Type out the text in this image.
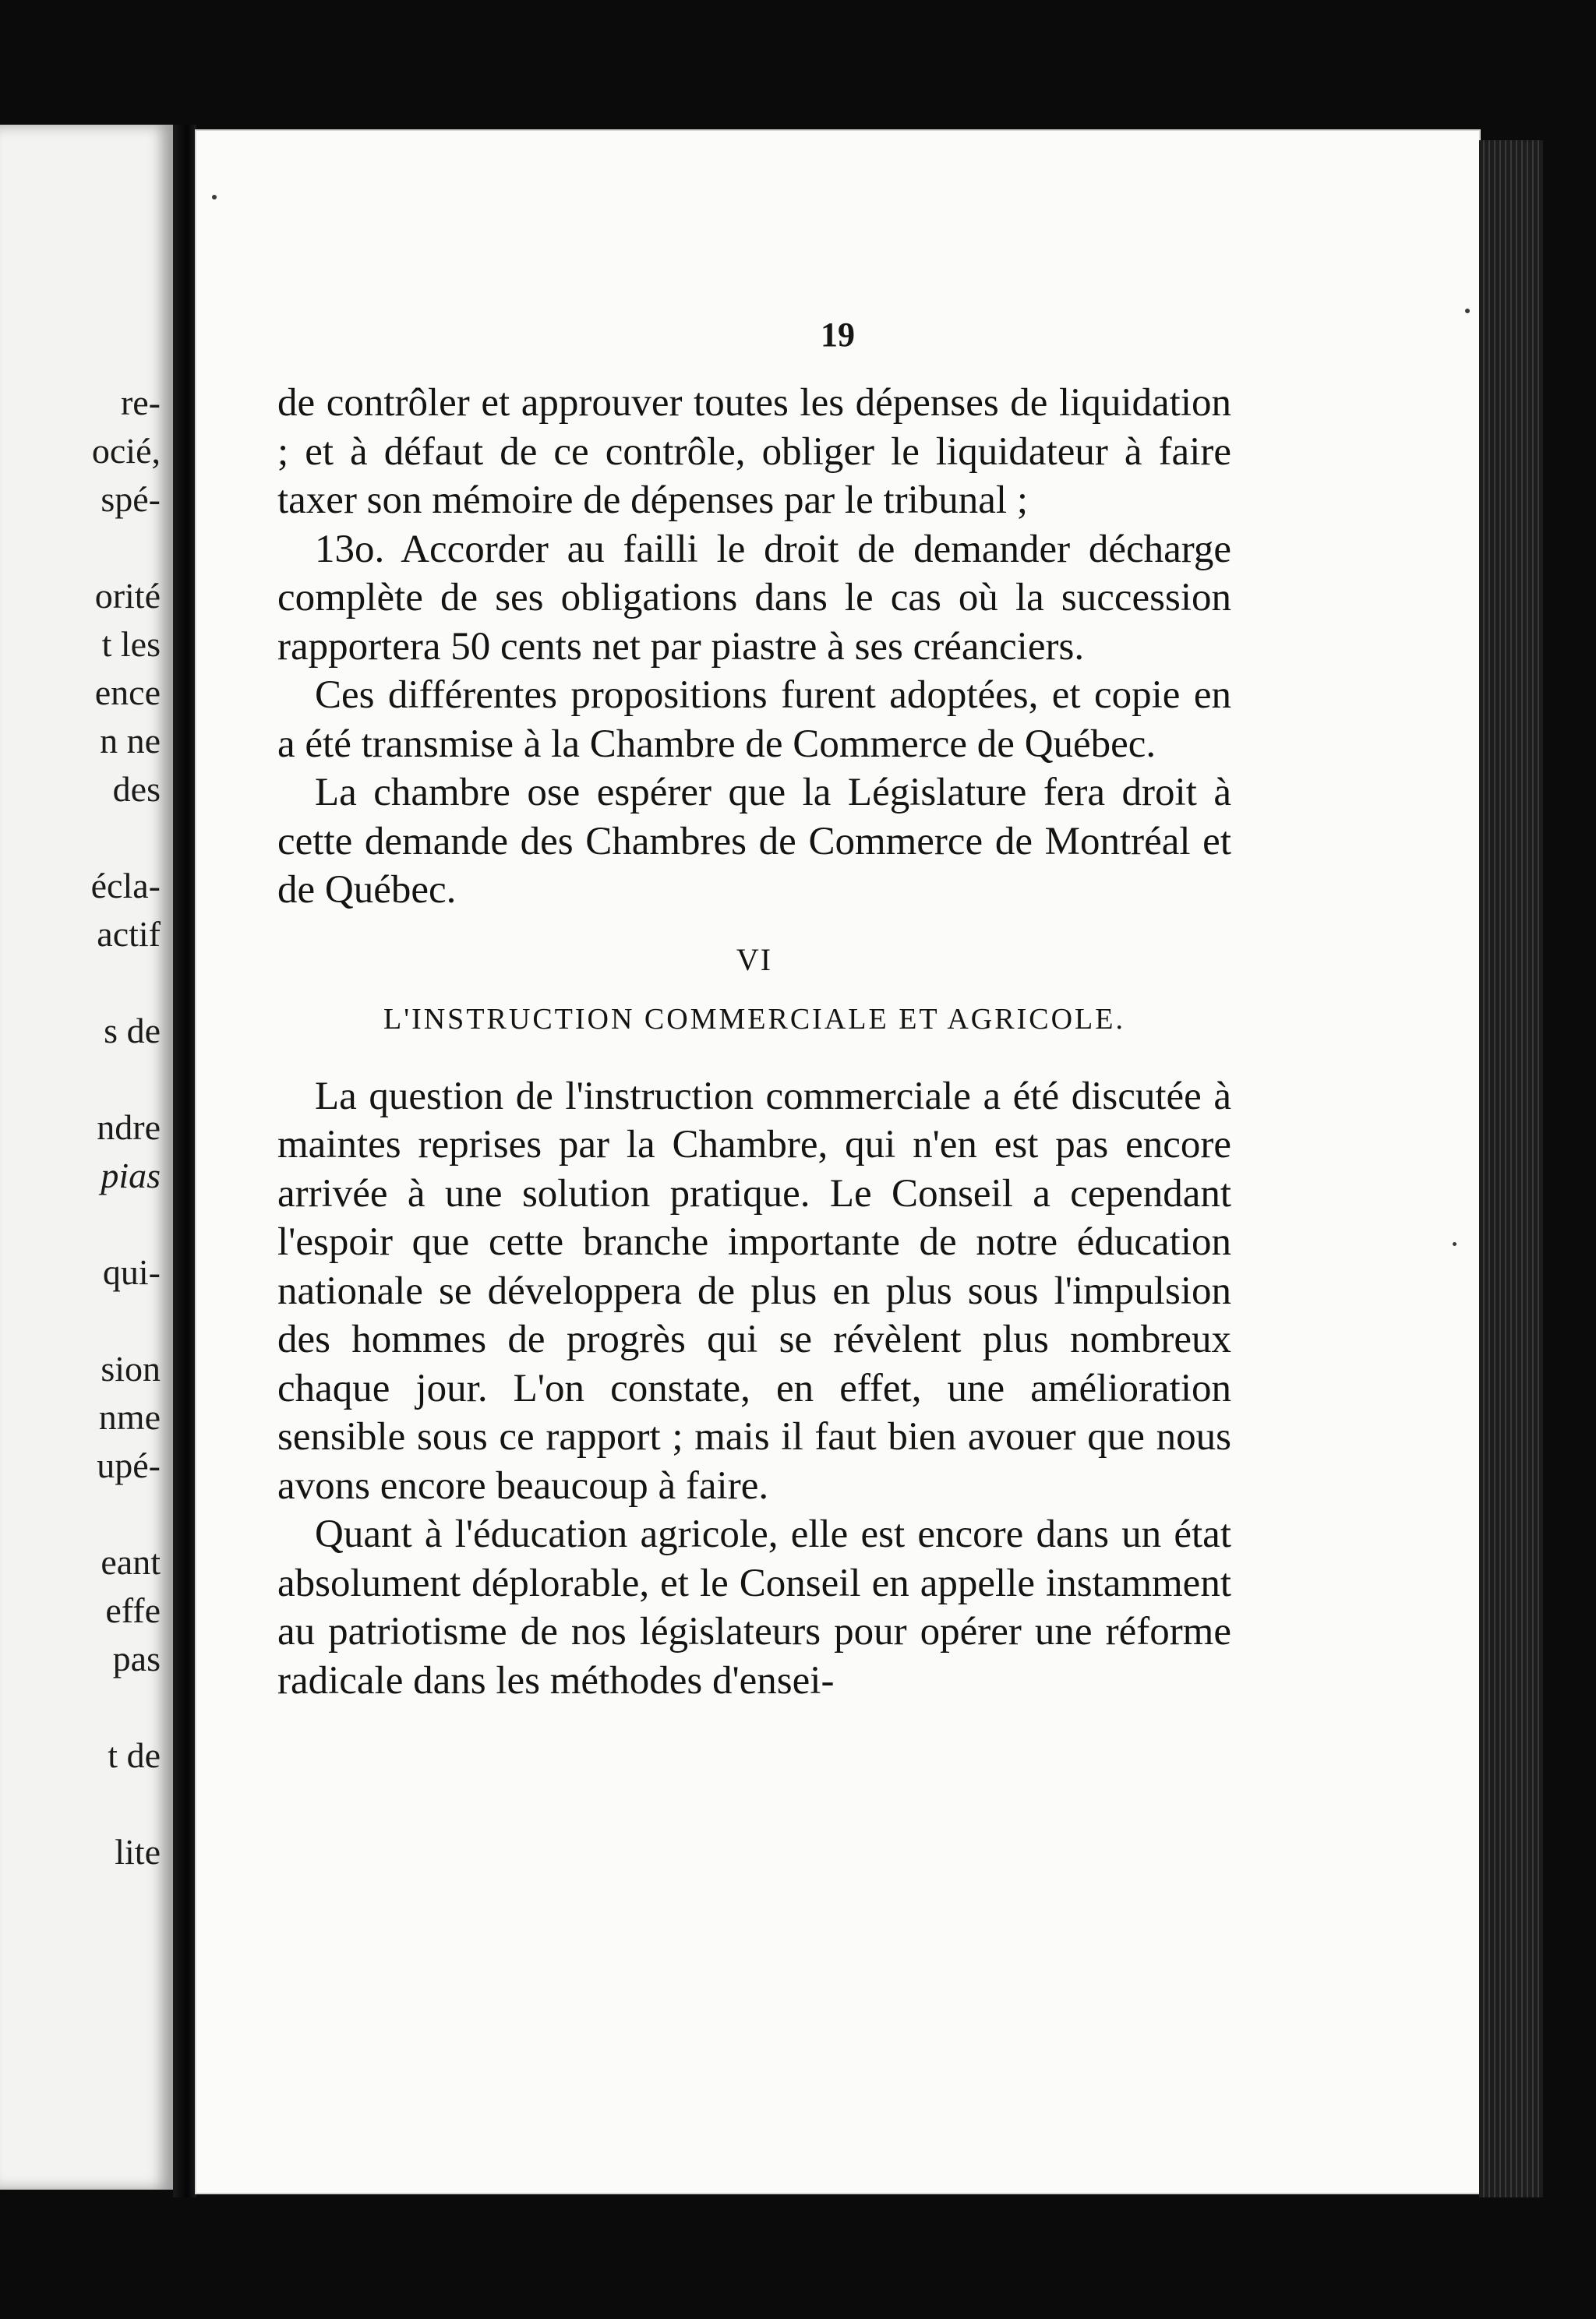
re-
ocié,
spé-
orité
t les
ence
n ne
des
écla-
actif
s de
ndre
pias
qui-
sion
nme
upé-
eant
effe
pas
t de
lite
19

de contrôler et approuver toutes les dépenses de liquidation ; et à défaut de ce contrôle, obliger le liquidateur à faire taxer son mémoire de dépenses par le tribunal ;

13o. Accorder au failli le droit de demander décharge complète de ses obligations dans le cas où la succession rapportera 50 cents net par piastre à ses créanciers.

Ces différentes propositions furent adoptées, et copie en a été transmise à la Chambre de Commerce de Québec.

La chambre ose espérer que la Législature fera droit à cette demande des Chambres de Commerce de Montréal et de Québec.

VI
L'INSTRUCTION COMMERCIALE ET AGRICOLE.

La question de l'instruction commerciale a été discutée à maintes reprises par la Chambre, qui n'en est pas encore arrivée à une solution pratique. Le Conseil a cependant l'espoir que cette branche importante de notre éducation nationale se développera de plus en plus sous l'impulsion des hommes de progrès qui se révèlent plus nombreux chaque jour. L'on constate, en effet, une amélioration sensible sous ce rapport ; mais il faut bien avouer que nous avons encore beaucoup à faire.

Quant à l'éducation agricole, elle est encore dans un état absolument déplorable, et le Conseil en appelle instamment au patriotisme de nos législateurs pour opérer une réforme radicale dans les méthodes d'ensei-
